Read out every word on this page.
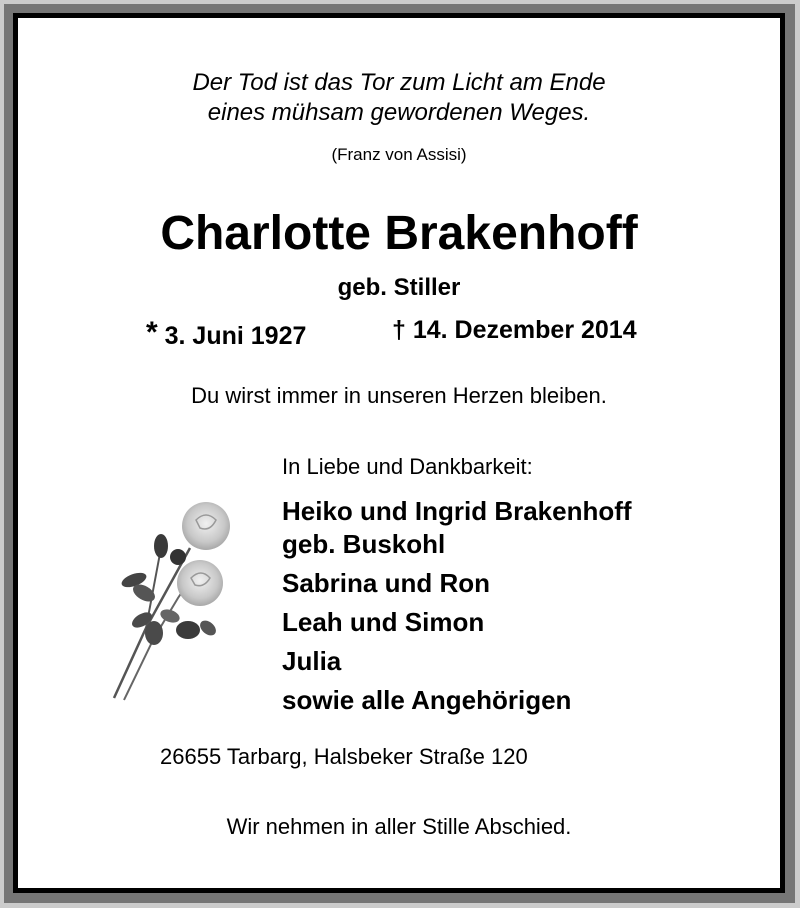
Der Tod ist das Tor zum Licht am Ende
eines mühsam gewordenen Weges.
(Franz von Assisi)
Charlotte Brakenhoff
geb. Stiller
* 3. Juni 1927	† 14. Dezember 2014
Du wirst immer in unseren Herzen bleiben.
In Liebe und Dankbarkeit:
Heiko und Ingrid Brakenhoff
geb. Buskohl
Sabrina und Ron
Leah und Simon
Julia
sowie alle Angehörigen
26655 Tarbarg, Halsbeker Straße 120
Wir nehmen in aller Stille Abschied.
